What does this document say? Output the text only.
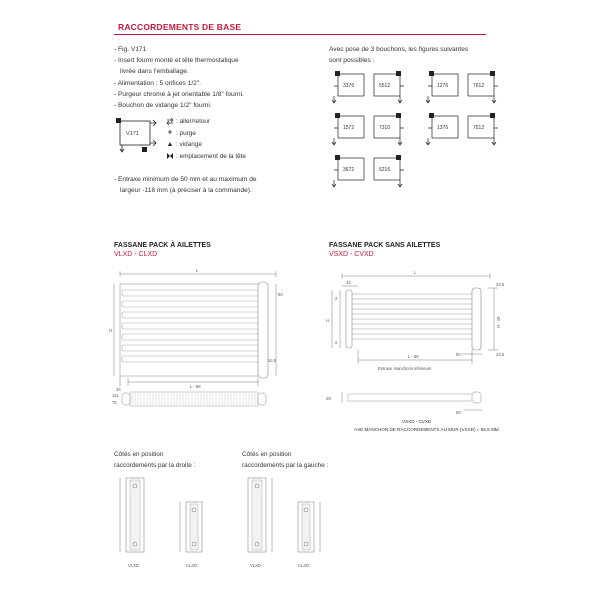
RACCORDEMENTS DE BASE
- Fig. V171
- Insert fourni monté et tête thermostatique
livrée dans l'emballage.
- Alimentation : 5 orifices 1/2".
- Purgeur chromé à jet orientable 1/8" fourni.
- Bouchon de vidange 1/2" fourni.
V171
: aller/retour
: purge
: vidange
: emplacement de la tête
- Entraxe minimum de 50 mm et au maximum de
largeur -118 mm (à préciser à la commande).
Avec pose de 3 bouchons, les figures suivantes
sont possibles :
3376	5512	1276	7612
1572	7310	1376	7512
3672	5216
FASSANE PACK À AILETTES
VLXD - CLXD
111
75
L
H
50
24,5
34
L - 68
FASSANE PACK SANS AILETTES
VSXD - CVXD
L
34
H
2
2
H - 49
24,5
24,5
50
L - 68
Entraxe manchons inférieurs
28
50
VSXD - CVXD
AXE MANCHON DE RACCORDEMENTS AU MUR (VSXD) = 69,5 MM.
Côtés en position
raccordements par la droite :
Côtés en position
raccordements par la gauche :
VLXD	CLXD	VLXD	CLXD
